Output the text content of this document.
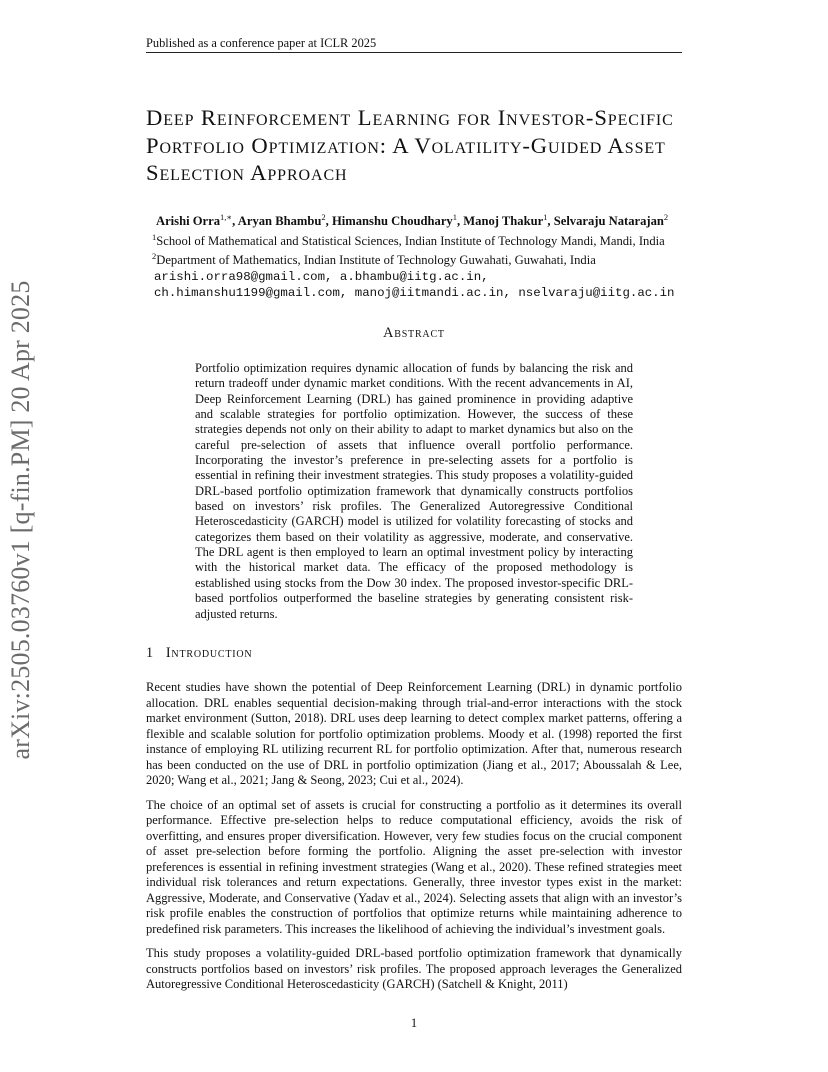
Published as a conference paper at ICLR 2025
arXiv:2505.03760v1 [q-fin.PM] 20 Apr 2025
Deep Reinforcement Learning for Investor-Specific Portfolio Optimization: A Volatility-Guided Asset Selection Approach
Arishi Orra$^{1,∗}$, Aryan Bhambu$^2$, Himanshu Choudhary$^1$, Manoj Thakur$^1$, Selvaraju Natarajan$^2$
$^1$School of Mathematical and Statistical Sciences, Indian Institute of Technology Mandi, Mandi, India
$^2$Department of Mathematics, Indian Institute of Technology Guwahati, Guwahati, India
arishi.orra98@gmail.com, a.bhambu@iitg.ac.in,
ch.himanshu1199@gmail.com, manoj@iitmandi.ac.in, nselvaraju@iitg.ac.in
Abstract

Portfolio optimization requires dynamic allocation of funds by balancing the risk and return tradeoff under dynamic market conditions. With the recent advancements in AI, Deep Reinforcement Learning (DRL) has gained prominence in providing adaptive and scalable strategies for portfolio optimization. However, the success of these strategies depends not only on their ability to adapt to market dynamics but also on the careful pre-selection of assets that influence overall portfolio performance. Incorporating the investor’s preference in pre-selecting assets for a portfolio is essential in refining their investment strategies. This study proposes a volatility-guided DRL-based portfolio optimization framework that dynamically constructs portfolios based on investors’ risk profiles. The Generalized Autoregressive Conditional Heteroscedasticity (GARCH) model is utilized for volatility forecasting of stocks and categorizes them based on their volatility as aggressive, moderate, and conservative. The DRL agent is then employed to learn an optimal investment policy by interacting with the historical market data. The efficacy of the proposed methodology is established using stocks from the Dow 30 index. The proposed investor-specific DRL-based portfolios outperformed the baseline strategies by generating consistent risk-adjusted returns.

1 Introduction

Recent studies have shown the potential of Deep Reinforcement Learning (DRL) in dynamic portfolio allocation. DRL enables sequential decision-making through trial-and-error interactions with the stock market environment (Sutton, 2018). DRL uses deep learning to detect complex market patterns, offering a flexible and scalable solution for portfolio optimization problems. Moody et al. (1998) reported the first instance of employing RL utilizing recurrent RL for portfolio optimization. After that, numerous research has been conducted on the use of DRL in portfolio optimization (Jiang et al., 2017; Aboussalah & Lee, 2020; Wang et al., 2021; Jang & Seong, 2023; Cui et al., 2024).

The choice of an optimal set of assets is crucial for constructing a portfolio as it determines its overall performance. Effective pre-selection helps to reduce computational efficiency, avoids the risk of overfitting, and ensures proper diversification. However, very few studies focus on the crucial component of asset pre-selection before forming the portfolio. Aligning the asset pre-selection with investor preferences is essential in refining investment strategies (Wang et al., 2020). These refined strategies meet individual risk tolerances and return expectations. Generally, three investor types exist in the market: Aggressive, Moderate, and Conservative (Yadav et al., 2024). Selecting assets that align with an investor’s risk profile enables the construction of portfolios that optimize returns while maintaining adherence to predefined risk parameters. This increases the likelihood of achieving the individual’s investment goals.

This study proposes a volatility-guided DRL-based portfolio optimization framework that dynamically constructs portfolios based on investors’ risk profiles. The proposed approach leverages the Generalized Autoregressive Conditional Heteroscedasticity (GARCH) (Satchell & Knight, 2011)

1
